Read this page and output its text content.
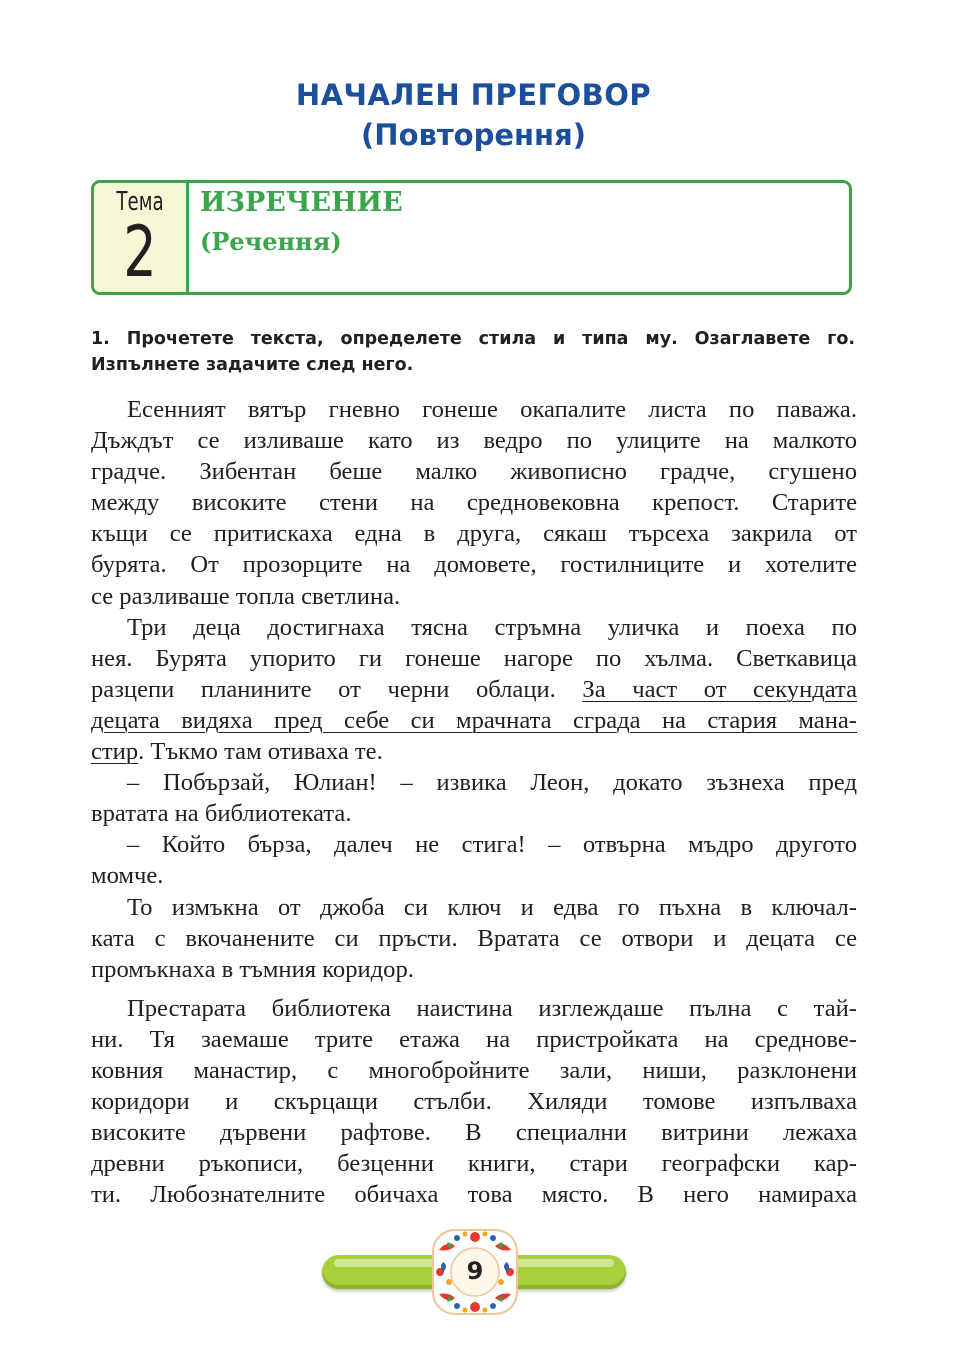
НАЧАЛЕН ПРЕГОВОР
(Повторення)
Тема
2
ИЗРЕЧЕНИЕ
(Речення)
1. Прочетете текста, определете стила и типа му. Озаглавете го. Изпълнете задачите след него.
Есенният вятър гневно гонеше окапалите листа по паважа.
Дъждът се изливаше като из ведро по улиците на малкото
градче. Зибентан беше малко живописно градче, сгушено
между високите стени на средновековна крепост. Старите
къщи се притискаха една в друга, сякаш търсеха закрила от
бурята. От прозорците на домовете, гостилниците и хотелите
се разливаше топла светлина.
Три деца достигнаха тясна стръмна уличка и поеха по
нея. Бурята упорито ги гонеше нагоре по хълма. Светкавица
разцепи планините от черни облаци. За част от секундата
децата видяха пред себе си мрачната сграда на стария мана-
стир. Тъкмо там отиваха те.
– Побързай, Юлиан! – извика Леон, докато зъзнеха пред
вратата на библиотеката.
– Който бърза, далеч не стига! – отвърна мъдро другото
момче.
То измъкна от джоба си ключ и едва го пъхна в ключал-
ката с вкочанените си пръсти. Вратата се отвори и децата се
промъкнаха в тъмния коридор.
Престарата библиотека наистина изглеждаше пълна с тай-
ни. Тя заемаше трите етажа на пристройката на среднове-
ковния манастир, с многобройните зали, ниши, разклонени
коридори и скърцащи стълби. Хиляди томове изпълваха
високите дървени рафтове. В специални витрини лежаха
древни ръкописи, безценни книги, стари географски кар-
ти. Любознателните обичаха това място. В него намираха
9
